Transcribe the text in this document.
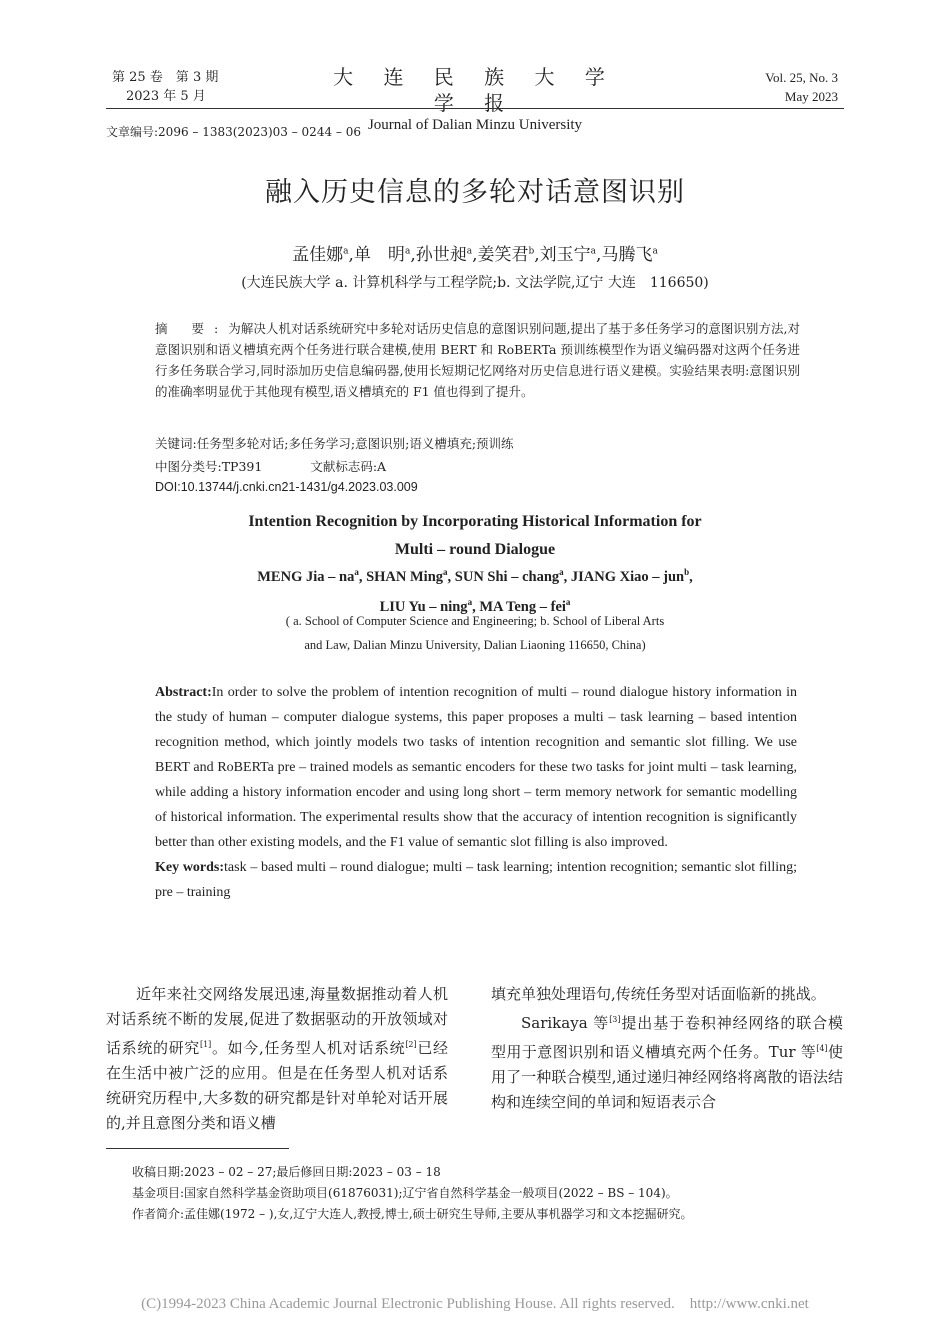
第 25 卷　第 3 期
2023 年 5 月
大 连 民 族 大 学 学 报
Journal of Dalian Minzu University
Vol. 25, No. 3
May 2023
文章编号:2096 – 1383(2023)03 – 0244 – 06
融入历史信息的多轮对话意图识别
孟佳娜$^a$,单　明$^a$,孙世昶$^a$,姜笑君$^b$,刘玉宁$^a$,马腾飞$^a$
(大连民族大学 a. 计算机科学与工程学院;b. 文法学院,辽宁 大连　116650)
摘 要:为解决人机对话系统研究中多轮对话历史信息的意图识别问题,提出了基于多任务学习的意图识别方法,对意图识别和语义槽填充两个任务进行联合建模,使用 BERT 和 RoBERTa 预训练模型作为语义编码器对这两个任务进行多任务联合学习,同时添加历史信息编码器,使用长短期记忆网络对历史信息进行语义建模。实验结果表明:意图识别的准确率明显优于其他现有模型,语义槽填充的 F1 值也得到了提升。
关键词:任务型多轮对话;多任务学习;意图识别;语义槽填充;预训练
中图分类号:TP391	文献标志码:A
DOI:10.13744/j.cnki.cn21-1431/g4.2023.03.009
Intention Recognition by Incorporating Historical Information for
Multi – round Dialogue
MENG Jia – $na^a$, SHAN Ming$^a$, SUN Shi – chang$^a$, JIANG Xiao – jun$^b$,
LIU Yu – ning$^a$, MA Teng – fei$^a$
( a. School of Computer Science and Engineering; b. School of Liberal Arts
and Law, Dalian Minzu University, Dalian Liaoning 116650, China)
Abstract:In order to solve the problem of intention recognition of multi – round dialogue history information in the study of human – computer dialogue systems, this paper proposes a multi – task learning – based intention recognition method, which jointly models two tasks of intention recognition and semantic slot filling. We use BERT and RoBERTa pre – trained models as semantic encoders for these two tasks for joint multi – task learning, while adding a history information encoder and using long short – term memory network for semantic modelling of historical information. The experimental results show that the accuracy of intention recognition is significantly better than other existing models, and the F1 value of semantic slot filling is also improved.
Key words:task – based multi – round dialogue; multi – task learning; intention recognition; semantic slot filling; pre – training

近年来社交网络发展迅速,海量数据推动着人机对话系统不断的发展,促进了数据驱动的开放领域对话系统的研究[1]。如今,任务型人机对话系统[2]已经在生活中被广泛的应用。但是在任务型人机对话系统研究历程中,大多数的研究都是针对单轮对话开展的,并且意图分类和语义槽

填充单独处理语句,传统任务型对话面临新的挑战。

Sarikaya 等[3]提出基于卷积神经网络的联合模型用于意图识别和语义槽填充两个任务。Tur 等[4]使用了一种联合模型,通过递归神经网络将离散的语法结构和连续空间的单词和短语表示合

收稿日期:2023 – 02 – 27;最后修回日期:2023 – 03 – 18
基金项目:国家自然科学基金资助项目(61876031);辽宁省自然科学基金一般项目(2022 – BS – 104)。
作者简介:孟佳娜(1972 – ),女,辽宁大连人,教授,博士,硕士研究生导师,主要从事机器学习和文本挖掘研究。
(C)1994-2023 China Academic Journal Electronic Publishing House. All rights reserved.    http://www.cnki.net
